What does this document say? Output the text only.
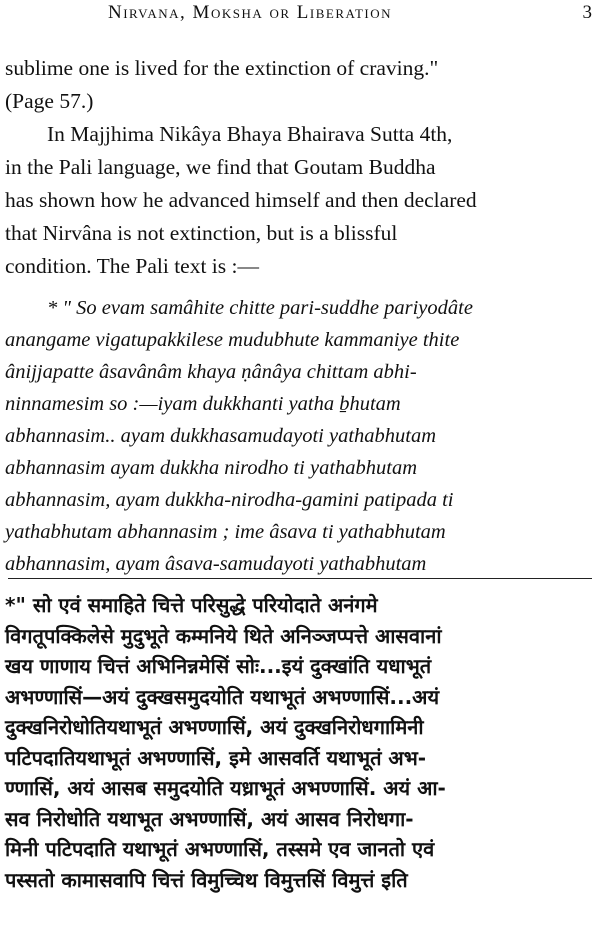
Nirvana, Moksha or Liberation	3
sublime one is lived for the extinction of craving."
(Page 57.)
In Majjhima Nikâya Bhaya Bhairava Sutta 4th,
in the Pali language, we find that Goutam Buddha
has shown how he advanced himself and then declared
that Nirvâna is not extinction, but is a blissful
condition. The Pali text is :—
* " So evam samâhite chitte pari-suddhe pariyodâte
anangame vigatupakkilese mudubhute kammaniye thite
ânijjapatte âsavânâm khaya ṇânâya chittam abhi-
ninnamesim so :—iyam dukkhanti yatha ḇhutam
abhannasim.. ayam dukkhasamudayoti yathabhutam
abhannasim ayam dukkha nirodho ti yathabhutam
abhannasim, ayam dukkha-nirodha-gamini patipada ti
yathabhutam abhannasim ; ime âsava ti yathabhutam
abhannasim, ayam âsava-samudayoti yathabhutam
*" सो एवं समाहिते चित्ते परिसुद्धे परियोदाते अनंगमे
विगतूपक्किलेसे मुदुभूते कम्मनिये थिते अनिञ्जप्पत्ते आसवानां
खय णाणाय चित्तं अभिनिन्नमेसिं सोः...इयं दुक्खांति यधाभूतं
अभण्णासिं—अयं दुक्खसमुदयोति यथाभूतं अभण्णासिं...अयं
दुक्खनिरोधोतियथाभूतं अभण्णासिं, अयं दुक्खनिरोधगामिनी
पटिपदातियथाभूतं अभण्णासिं, इमे आसवर्ति यथाभूतं अभ-
ण्णासिं, अयं आसब समुदयोति यध्राभूतं अभण्णासिं. अयं आ-
सव निरोधोति यथाभूत अभण्णासिं, अयं आसव निरोधगा-
मिनी पटिपदाति यथाभूतं अभण्णासिं, तस्समे एव जानतो एवं
पस्सतो कामासवापि चित्तं विमुच्चिथ विमुत्तसिं विमुत्तं इति
